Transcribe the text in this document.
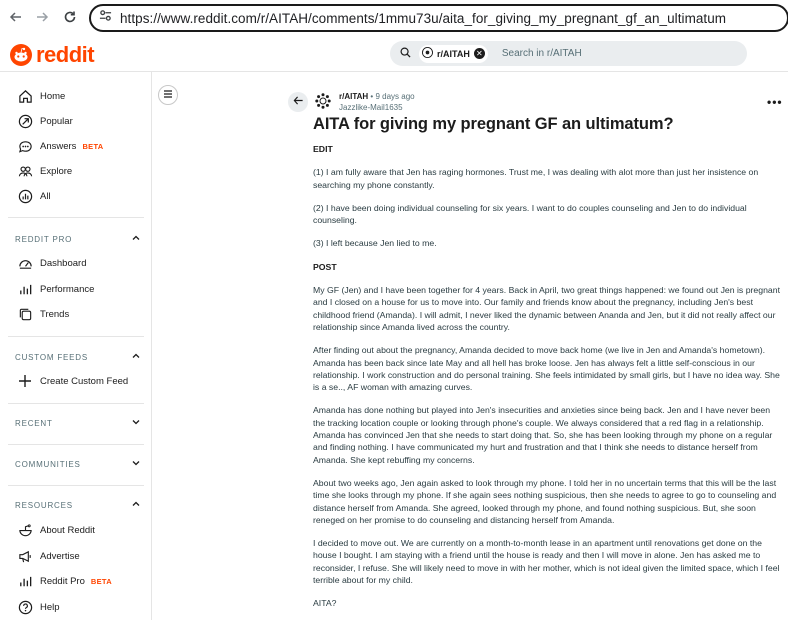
https://www.reddit.com/r/AITAH/comments/1mmu73u/aita_for_giving_my_pregnant_gf_an_ultimatum
reddit	r/AITAH ✕ Search in r/AITAH
Home
Popular
Answers BETA
Explore
All
REDDIT PRO
Dashboard
Performance
Trends
CUSTOM FEEDS
Create Custom Feed
RECENT
COMMUNITIES
RESOURCES
About Reddit
Advertise
Reddit Pro BETA
Help
r/AITAH • 9 days ago
Jazzlike-Mail1635	•••
AITA for giving my pregnant GF an ultimatum?

EDIT

(1) I am fully aware that Jen has raging hormones. Trust me, I was dealing with alot more than just her insistence on searching my phone constantly.

(2) I have been doing individual counseling for six years. I want to do couples counseling and Jen to do individual counseling.

(3) I left because Jen lied to me.

POST

My GF (Jen) and I have been together for 4 years. Back in April, two great things happened: we found out Jen is pregnant and I closed on a house for us to move into. Our family and friends know about the pregnancy, including Jen's best childhood friend (Amanda). I will admit, I never liked the dynamic between Ananda and Jen, but it did not really affect our relationship since Amanda lived across the country.

After finding out about the pregnancy, Amanda decided to move back home (we live in Jen and Amanda's hometown). Amanda has been back since late May and all hell has broke loose. Jen has always felt a little self-conscious in our relationship. I work construction and do personal training. She feels intimidated by small girls, but I have no idea way. She is a se.., AF woman with amazing curves.

Amanda has done nothing but played into Jen's insecurities and anxieties since being back. Jen and I have never been the tracking location couple or looking through phone's couple. We always considered that a red flag in a relationship. Amanda has convinced Jen that she needs to start doing that. So, she has been looking through my phone on a regular and finding nothing. I have communicated my hurt and frustration and that I think she needs to distance herself from Amanda. She kept rebuffing my concerns.

About two weeks ago, Jen again asked to look through my phone. I told her in no uncertain terms that this will be the last time she looks through my phone. If she again sees nothing suspicious, then she needs to agree to go to counseling and distance herself from Amanda. She agreed, looked through my phone, and found nothing suspicious. But, she soon reneged on her promise to do counseling and distancing herself from Amanda.

I decided to move out. We are currently on a month-to-month lease in an apartment until renovations get done on the house I bought. I am staying with a friend until the house is ready and then I will move in alone. Jen has asked me to reconsider, I refuse. She will likely need to move in with her mother, which is not ideal given the limited space, which I feel terrible about for my child.

AITA?
